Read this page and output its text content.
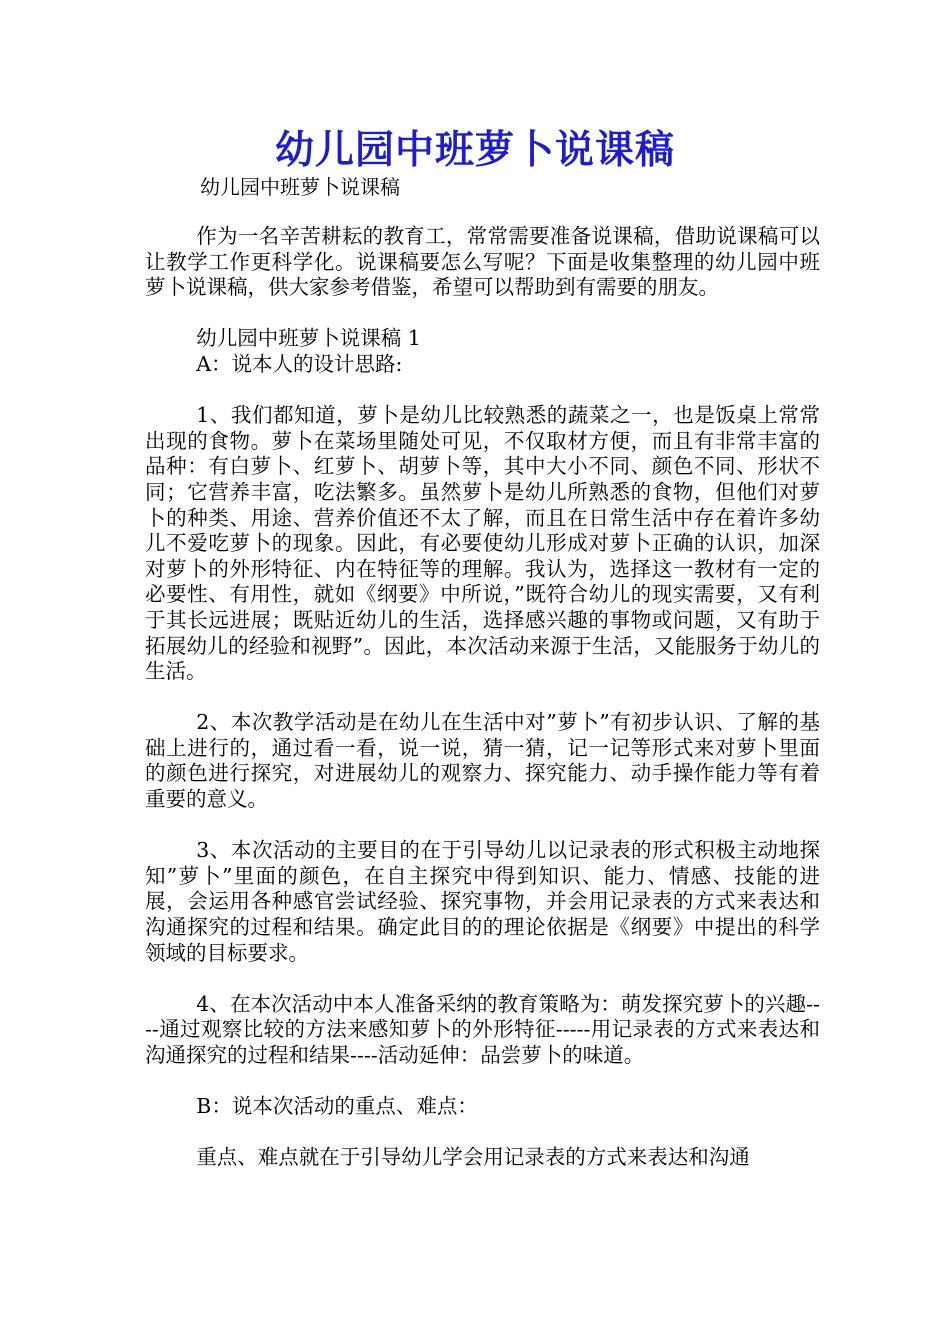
幼儿园中班萝卜说课稿
幼儿园中班萝卜说课稿

作为一名辛苦耕耘的教育工，常常需要准备说课稿，借助说课稿可以让教学工作更科学化。说课稿要怎么写呢？下面是收集整理的幼儿园中班萝卜说课稿，供大家参考借鉴，希望可以帮助到有需要的朋友。

幼儿园中班萝卜说课稿 1

A：说本人的设计思路:

1、我们都知道，萝卜是幼儿比较熟悉的蔬菜之一，也是饭桌上常常出现的食物。萝卜在菜场里随处可见，不仅取材方便，而且有非常丰富的品种：有白萝卜、红萝卜、胡萝卜等，其中大小不同、颜色不同、形状不同；它营养丰富，吃法繁多。虽然萝卜是幼儿所熟悉的食物，但他们对萝卜的种类、用途、营养价值还不太了解，而且在日常生活中存在着许多幼儿不爱吃萝卜的现象。因此，有必要使幼儿形成对萝卜正确的认识，加深对萝卜的外形特征、内在特征等的理解。我认为，选择这一教材有一定的必要性、有用性，就如《纲要》中所说，”既符合幼儿的现实需要，又有利于其长远进展；既贴近幼儿的生活，选择感兴趣的事物或问题，又有助于拓展幼儿的经验和视野”。因此，本次活动来源于生活，又能服务于幼儿的生活。

2、本次教学活动是在幼儿在生活中对”萝卜”有初步认识、了解的基础上进行的，通过看一看，说一说，猜一猜，记一记等形式来对萝卜里面的颜色进行探究，对进展幼儿的观察力、探究能力、动手操作能力等有着重要的意义。

3、本次活动的主要目的在于引导幼儿以记录表的形式积极主动地探知”萝卜”里面的颜色，在自主探究中得到知识、能力、情感、技能的进展，会运用各种感官尝试经验、探究事物，并会用记录表的方式来表达和沟通探究的过程和结果。确定此目的的理论依据是《纲要》中提出的科学领域的目标要求。

4、在本次活动中本人准备采纳的教育策略为：萌发探究萝卜的兴趣----通过观察比较的方法来感知萝卜的外形特征-----用记录表的方式来表达和沟通探究的过程和结果----活动延伸：品尝萝卜的味道。

B：说本次活动的重点、难点：

重点、难点就在于引导幼儿学会用记录表的方式来表达和沟通
